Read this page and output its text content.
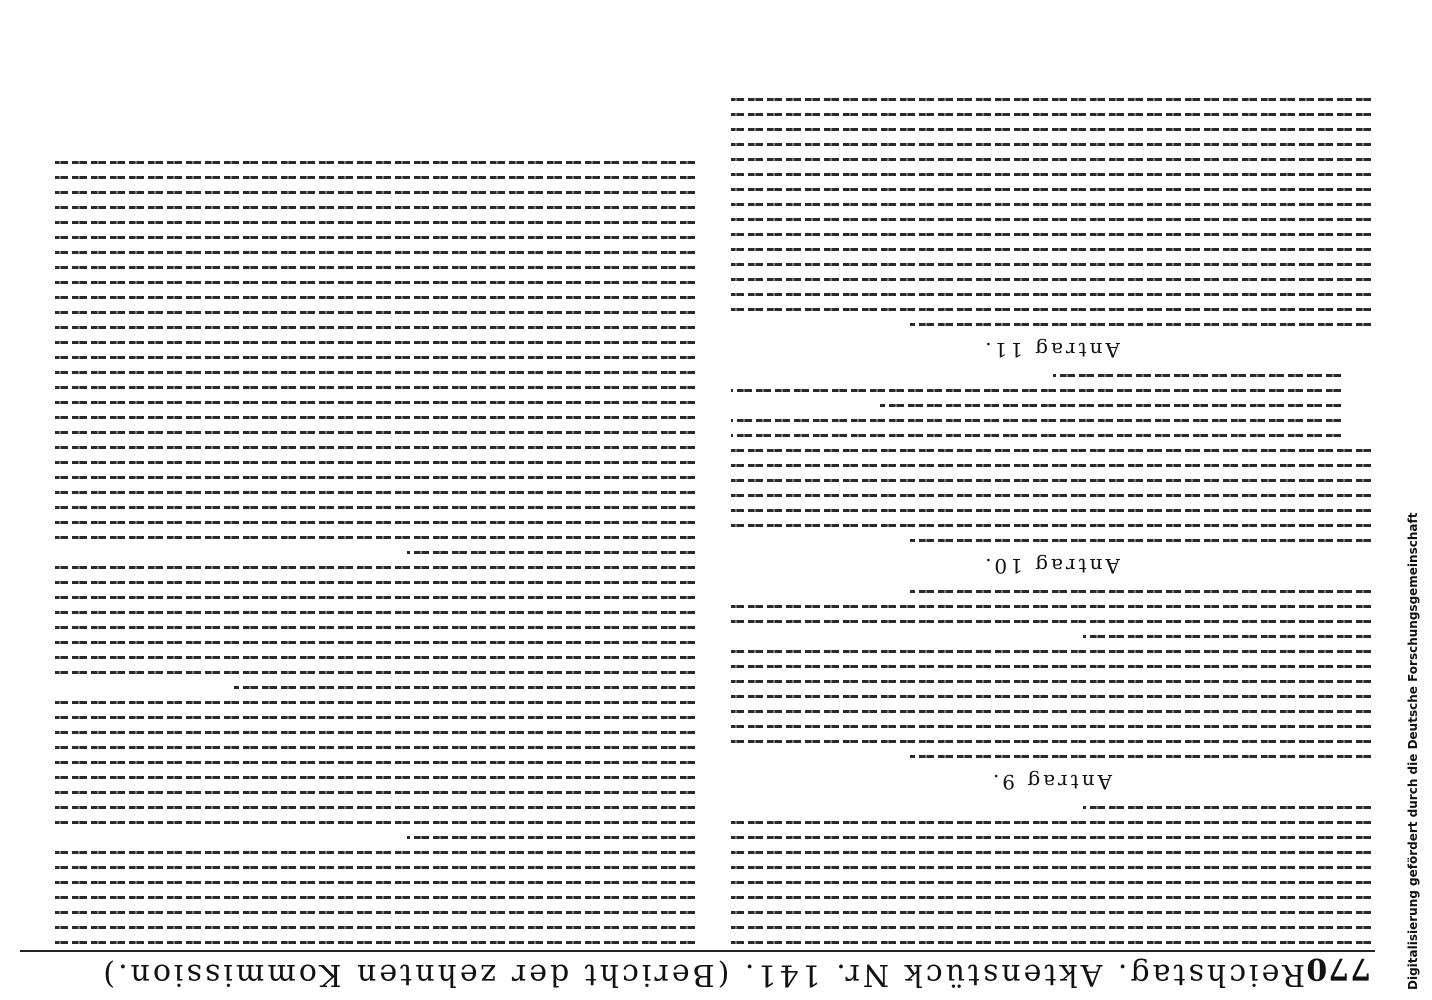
770
Reichstag. Aktenstück Nr. 141. (Bericht der zehnten Kommission.)
Antrag 9.
Antrag 10.
Antrag 11.
Digitalisierung gefördert durch die Deutsche Forschungsgemeinschaft
